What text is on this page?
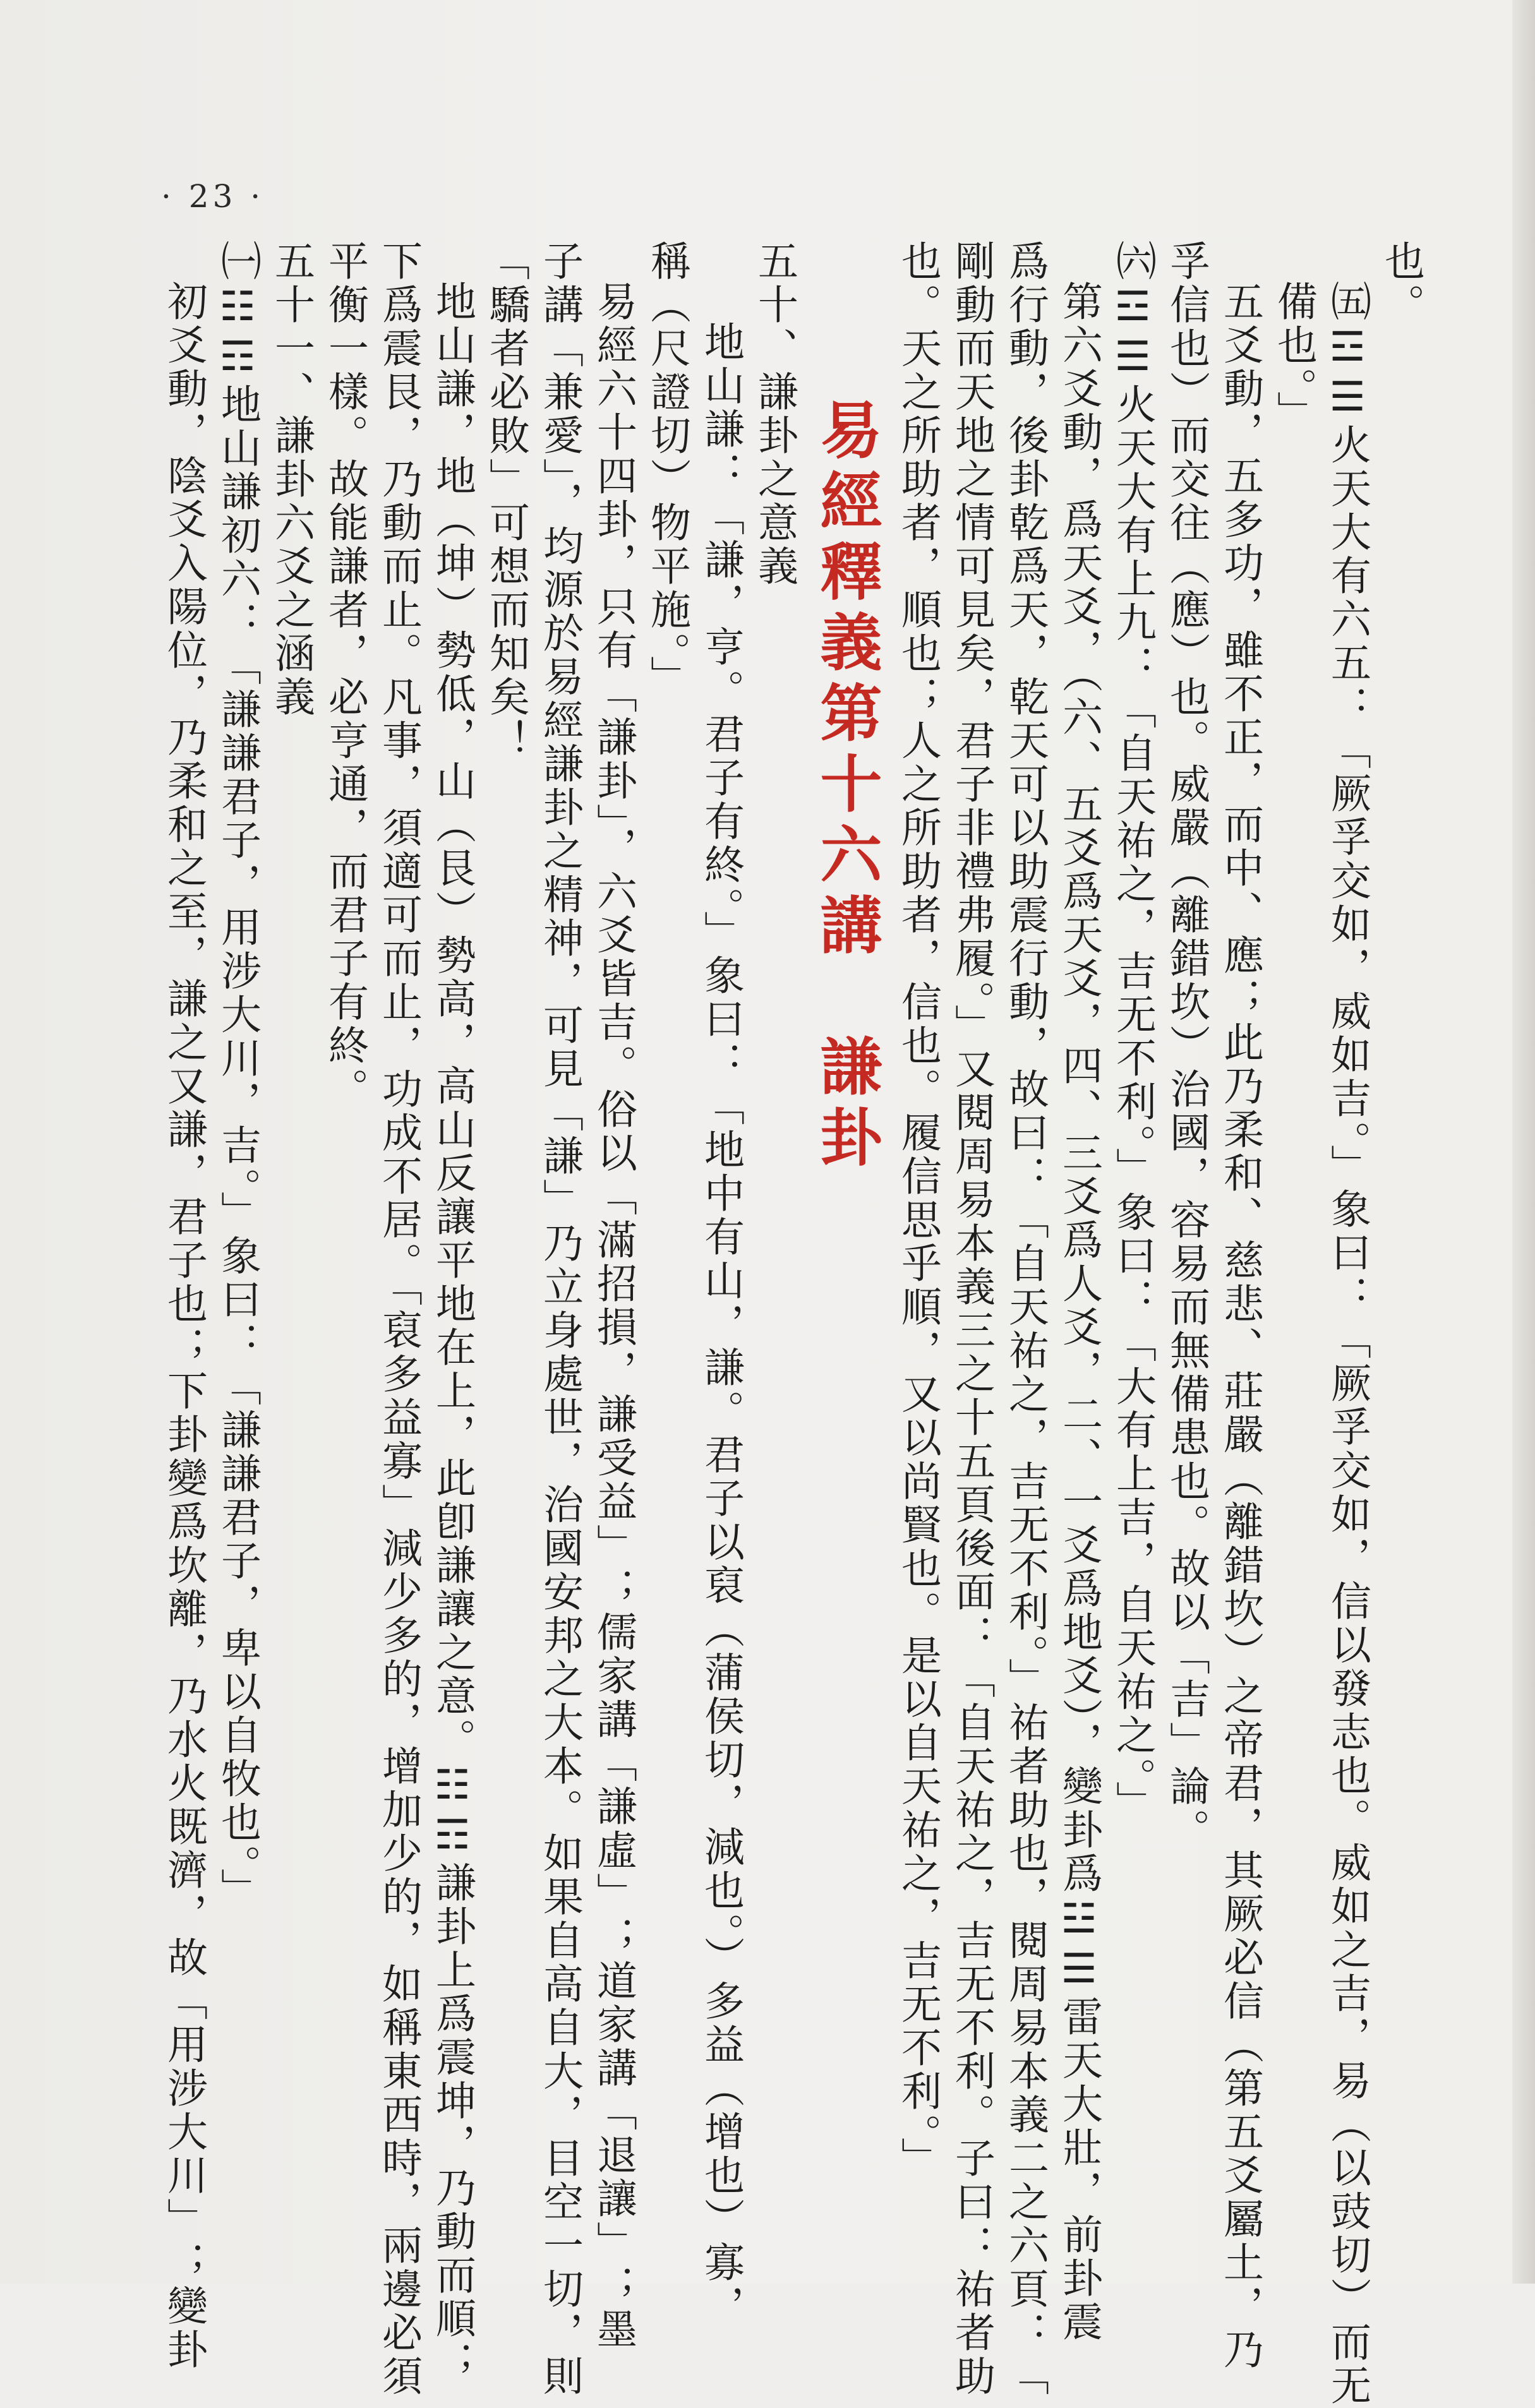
· 23 ·
也。
㈤☲☰火天大有六五：「厥孚交如，威如吉。」象曰：「厥孚交如，信以發志也。威如之吉，易（以豉切）而无
備也。」
五爻動，五多功，雖不正，而中、應；此乃柔和、慈悲、莊嚴（離錯坎）之帝君，其厥必信（第五爻屬土，乃
孚信也）而交往（應）也。威嚴（離錯坎）治國，容易而無備患也。故以「吉」論。
㈥☲☰火天大有上九：「自天祐之，吉无不利。」象曰：「大有上吉，自天祐之。」
第六爻動，爲天爻，（六、五爻爲天爻，四、三爻爲人爻，二、一爻爲地爻），變卦爲☳☰雷天大壯，前卦震
爲行動，後卦乾爲天，乾天可以助震行動，故曰：「自天祐之，吉无不利。」祐者助也，閱周易本義二之六頁：「
剛動而天地之情可見矣，君子非禮弗履。」又閱周易本義三之十五頁後面：「自天祐之，吉无不利。子曰：祐者助
也。天之所助者，順也；人之所助者，信也。履信思乎順，又以尚賢也。是以自天祐之，吉无不利。」
易經釋義第十六講　謙卦
五十、謙卦之意義
地山謙：「謙，亨。君子有終。」象曰：「地中有山，謙。君子以裒（蒲侯切，減也。）多益（增也）寡，
稱（尺證切）物平施。」
易經六十四卦，只有「謙卦」，六爻皆吉。俗以「滿招損，謙受益」；儒家講「謙虛」；道家講「退讓」；墨
子講「兼愛」，均源於易經謙卦之精神，可見「謙」乃立身處世，治國安邦之大本。如果自高自大，目空一切，則
「驕者必敗」可想而知矣！
地山謙，地（坤）勢低，山（艮）勢高，高山反讓平地在上，此卽謙讓之意。☷☶謙卦上爲震坤，乃動而順；
下爲震艮，乃動而止。凡事，須適可而止，功成不居。「裒多益寡」減少多的，增加少的，如稱東西時，兩邊必須
平衡一樣。故能謙者，必亨通，而君子有終。
五十一、謙卦六爻之涵義
㈠☷☶地山謙初六：「謙謙君子，用涉大川，吉。」象曰：「謙謙君子，卑以自牧也。」
初爻動，陰爻入陽位，乃柔和之至，謙之又謙，君子也；下卦變爲坎離，乃水火既濟，故「用涉大川」；變卦
